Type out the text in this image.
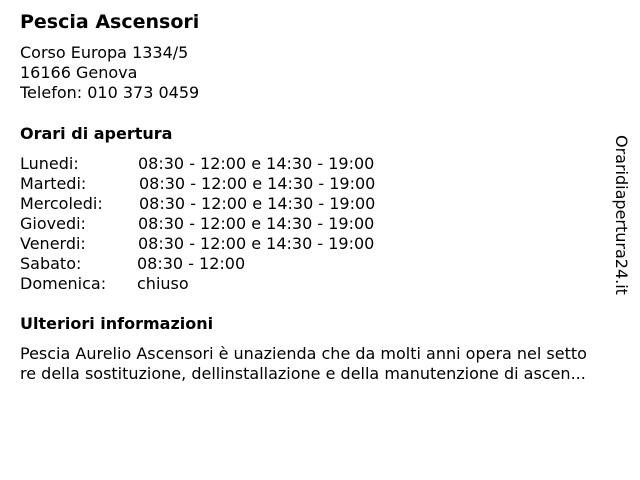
Pescia Ascensori
Corso Europa 1334/5
16166 Genova
Telefon: 010 373 0459
Orari di apertura
Lunedi:	08:30 - 12:00 e 14:30 - 19:00
Martedi:	08:30 - 12:00 e 14:30 - 19:00
Mercoledi: 08:30 - 12:00 e 14:30 - 19:00
Giovedi:	08:30 - 12:00 e 14:30 - 19:00
Venerdi:	08:30 - 12:00 e 14:30 - 19:00
Sabato:	08:30 - 12:00
Domenica: chiuso
Ulteriori informazioni
Pescia Aurelio Ascensori è unazienda che da molti anni opera nel setto
re della sostituzione, dellinstallazione e della manutenzione di ascen...
Oraridiapertura24.it
